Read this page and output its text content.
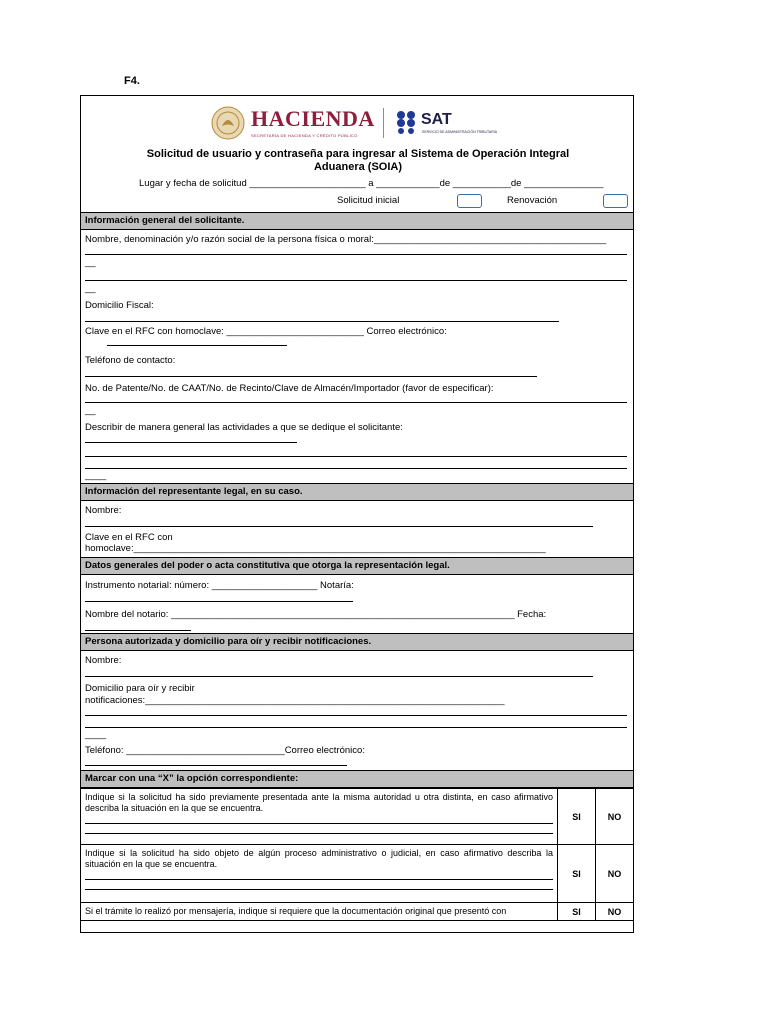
F4.
HACIENDA
SECRETARÍA DE HACIENDA Y CRÉDITO PÚBLICO
SAT
SERVICIO DE ADMINISTRACIÓN TRIBUTARIA
Solicitud de usuario y contraseña para ingresar al Sistema de Operación Integral
Aduanera (SOIA)
Lugar y fecha de solicitud ______________________ a ____________de ___________de _______________
Solicitud inicial	Renovación
Información general del solicitante.
Nombre, denominación y/o razón social de la persona física o moral:____________________________________________
__
__
Domicilio Fiscal:
Clave en el RFC con homoclave: __________________________ Correo electrónico:
Teléfono de contacto:
No. de Patente/No. de CAAT/No. de Recinto/Clave de Almacén/Importador (favor de especificar):
__
Describir de manera general las actividades a que se dedique el solicitante:
____
Información del representante legal, en su caso.
Nombre:
Clave en el RFC con
homoclave:______________________________________________________________________________
Datos generales del poder o acta constitutiva que otorga la representación legal.
Instrumento notarial: número: ____________________ Notaría:
Nombre del notario: _________________________________________________________________ Fecha:
Persona autorizada y domicilio para oír y recibir notificaciones.
Nombre:
Domicilio para oír y recibir
notificaciones:____________________________________________________________________
____
Teléfono: ______________________________Correo electrónico:
Marcar con una “X” la opción correspondiente:
Indique si la solicitud ha sido previamente presentada ante la misma autoridad u otra distinta, en caso afirmativo describa la situación en la que se encuentra.	SI	NO

Indique si la solicitud ha sido objeto de algún proceso administrativo o judicial, en caso afirmativo describa la situación en la que se encuentra.	SI	NO

Si el trámite lo realizó por mensajería, indique si requiere que la documentación original que presentó con	SI	NO
